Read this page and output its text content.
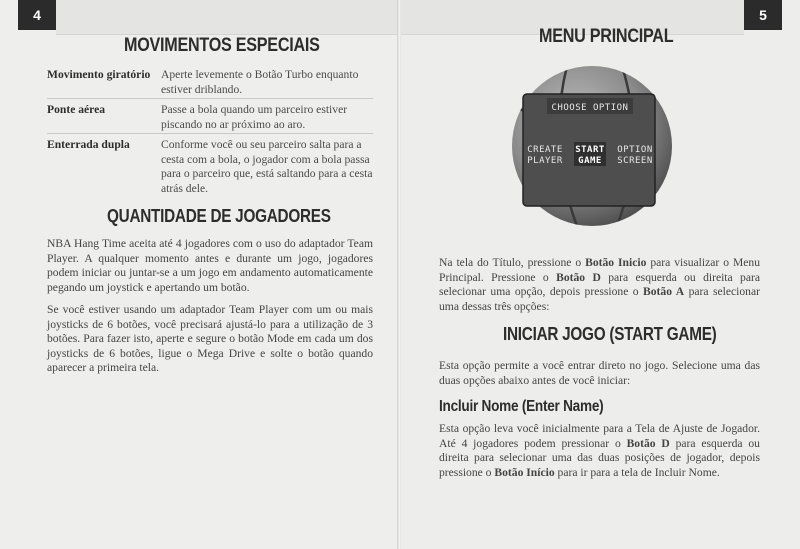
4
MOVIMENTOS ESPECIAIS
Movimento giratório Aperte levemente o Botão Turbo enquanto estiver driblando.
Ponte aérea	Passe a bola quando um parceiro estiver piscando no ar próximo ao aro.
Enterrada dupla	Conforme você ou seu parceiro salta para a cesta com a bola, o jogador com a bola passa para o parceiro que, está saltando para a cesta atrás dele.
QUANTIDADE DE JOGADORES
NBA Hang Time aceita até 4 jogadores com o uso do adaptador Team Player. A qualquer momento antes e durante um jogo, jogadores podem iniciar ou juntar-se a um jogo em andamento automaticamente pegando um joystick e apertando um botão.
Se você estiver usando um adaptador Team Player com um ou mais joysticks de 6 botões, você precisará ajustá-lo para a utilização de 3 botões. Para fazer isto, aperte e segure o botão Mode em cada um dos joysticks de 6 botões, ligue o Mega Drive e solte o botão quando aparecer a primeira tela.
5
MENU PRINCIPAL
CHOOSE OPTION
CREATE
PLAYER
START
GAME
OPTION
SCREEN
Na tela do Título, pressione o Botão Inicio para visualizar o Menu Principal. Pressione o Botão D para esquerda ou direita para selecionar uma opção, depois pressione o Botão A para selecionar uma dessas três opções:
INICIAR JOGO (START GAME)
Esta opção permite a você entrar direto no jogo. Selecione uma das duas opções abaixo antes de você iniciar:
Incluir Nome (Enter Name)
Esta opção leva você inicialmente para a Tela de Ajuste de Jogador. Até 4 jogadores podem pressionar o Botão D para esquerda ou direita para selecionar uma das duas posições de jogador, depois pressione o Botão Início para ir para a tela de Incluir Nome.
